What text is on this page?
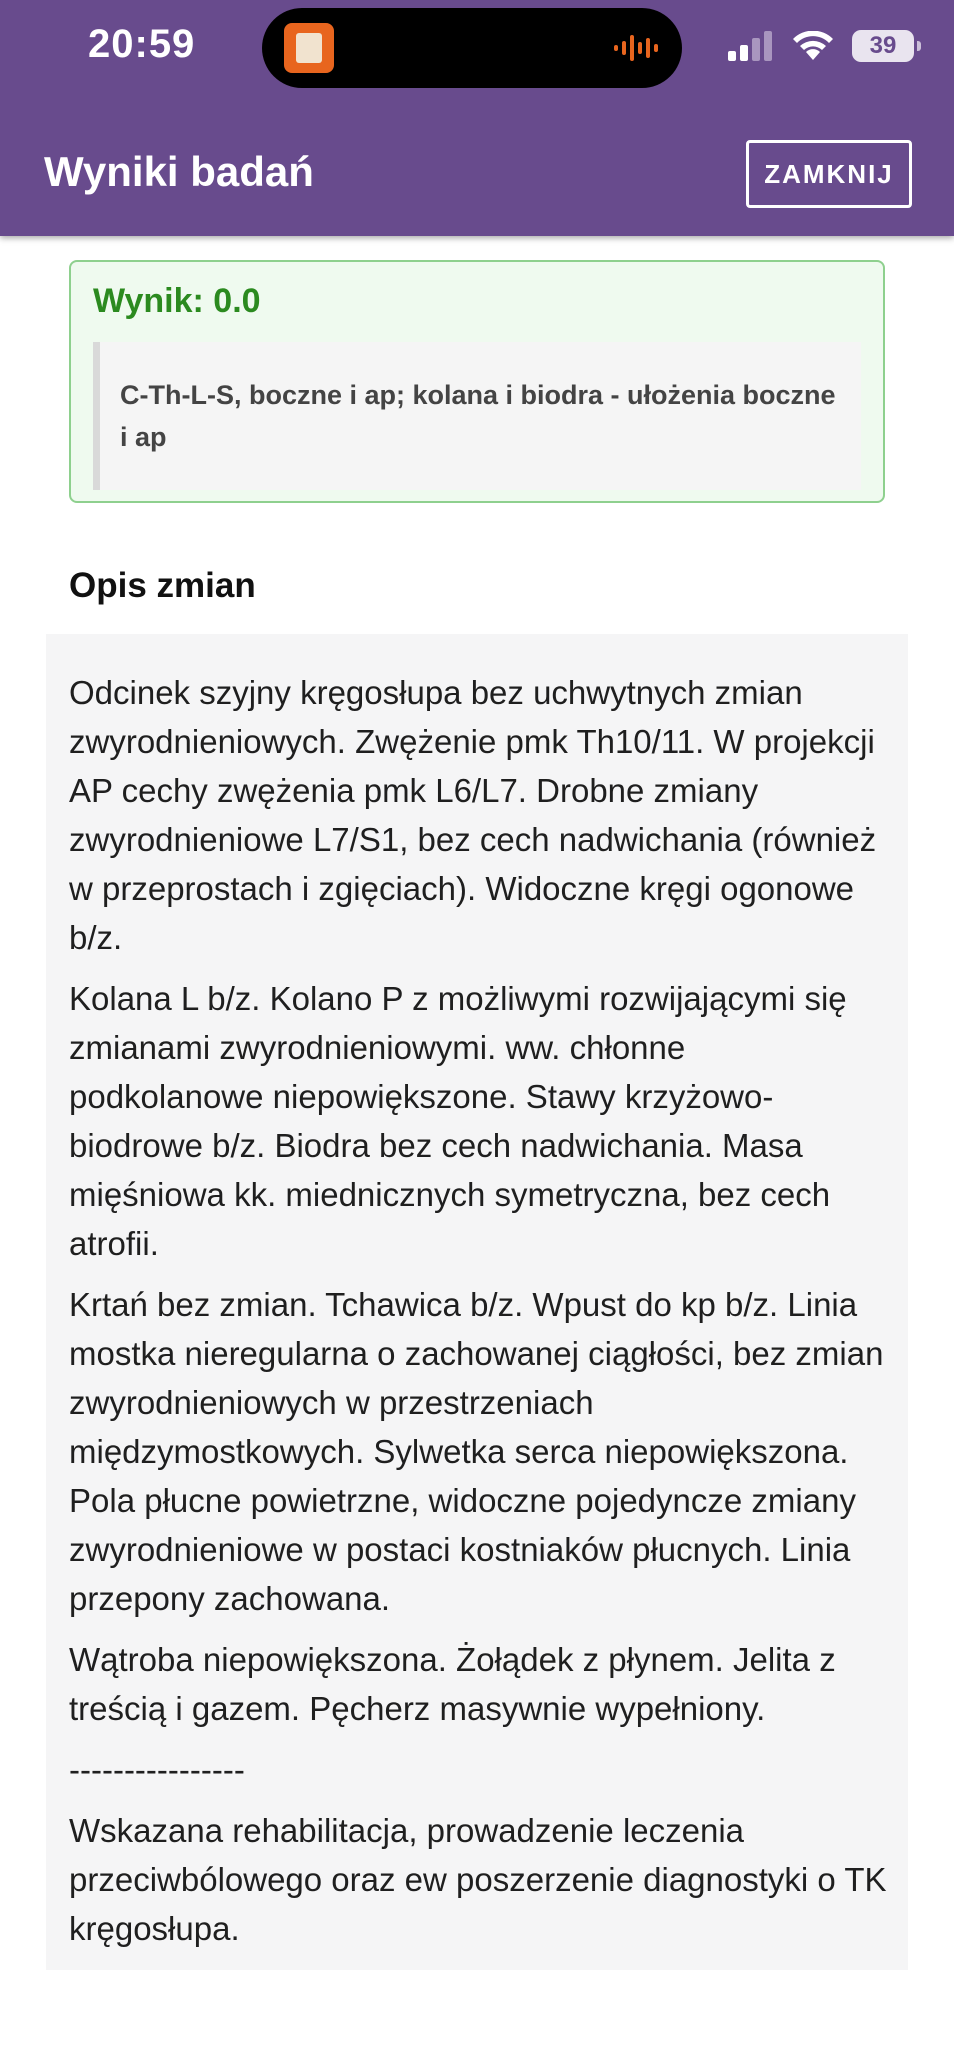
20:59	39
Wyniki badań	ZAMKNIJ
Wynik: 0.0
C-Th-L-S, boczne i ap; kolana i biodra - ułożenia boczne i ap
Opis zmian

Odcinek szyjny kręgosłupa bez uchwytnych zmian zwyrodnieniowych. Zwężenie pmk Th10/11. W projekcji AP cechy zwężenia pmk L6/L7. Drobne zmiany zwyrodnieniowe L7/S1, bez cech nadwichania (również w przeprostach i zgięciach). Widoczne kręgi ogonowe b/z.

Kolana L b/z. Kolano P z możliwymi rozwijającymi się zmianami zwyrodnieniowymi. ww. chłonne podkolanowe niepowiększone. Stawy krzyżowo-biodrowe b/z. Biodra bez cech nadwichania. Masa mięśniowa kk. miednicznych symetryczna, bez cech atrofii.

Krtań bez zmian. Tchawica b/z. Wpust do kp b/z. Linia mostka nieregularna o zachowanej ciągłości, bez zmian zwyrodnieniowych w przestrzeniach międzymostkowych. Sylwetka serca niepowiększona. Pola płucne powietrzne, widoczne pojedyncze zmiany zwyrodnieniowe w postaci kostniaków płucnych. Linia przepony zachowana.

Wątroba niepowiększona. Żołądek z płynem. Jelita z treścią i gazem. Pęcherz masywnie wypełniony.

----------------

Wskazana rehabilitacja, prowadzenie leczenia przeciwbólowego oraz ew poszerzenie diagnostyki o TK kręgosłupa.
